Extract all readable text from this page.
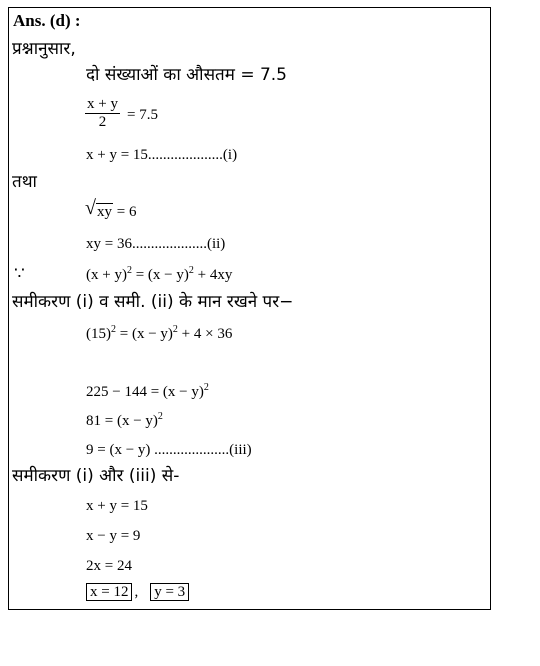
Ans. (d) :
प्रश्नानुसार,
दो संख्याओं का औसतम = 7.5
$\frac{x + y}{2} = 7.5$
x + y = 15....................(i)
तथा
√ xy = 6
xy = 36....................(ii)
∵	$(x + y)^2 = (x - y)^2 + 4xy$
समीकरण (i) व समी. (ii) के मान रखने पर−
$(15)^2 = (x - y)^2 + 4 \times 36$
$225 - 144 = (x - y)^2$
$81 = (x - y)^2$
9 = (x − y) ....................(iii)
समीकरण (i) और (iii) से-
x + y = 15
x − y = 9
2x = 24
x = 12 , y = 3
